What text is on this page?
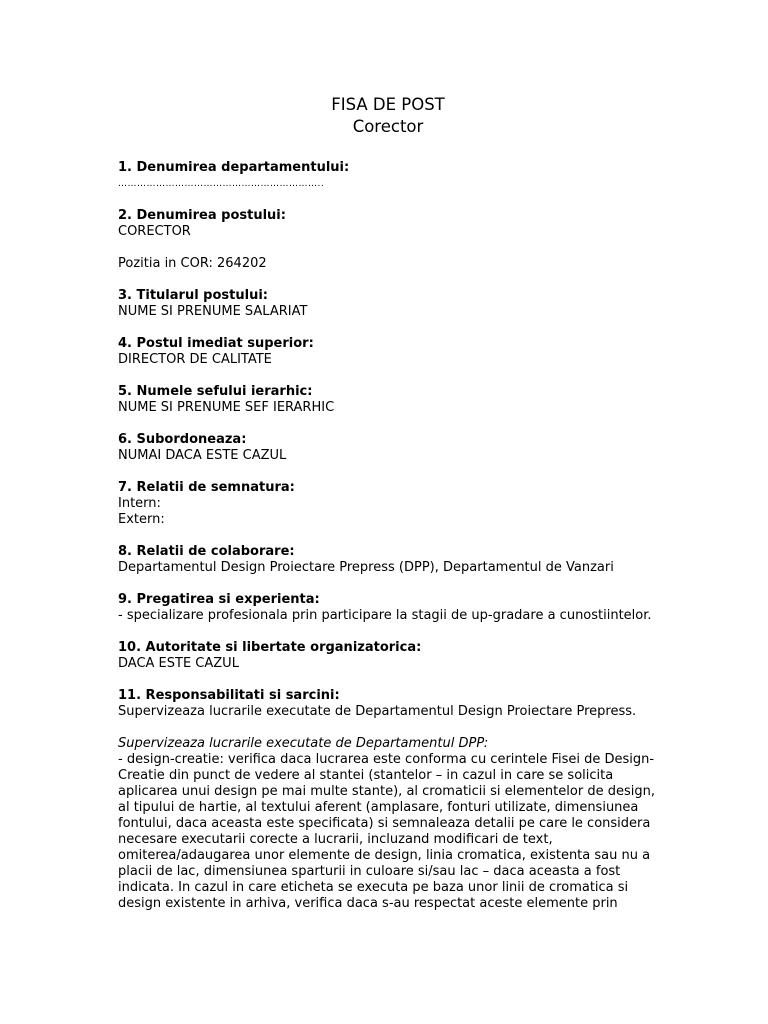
FISA DE POST
Corector
1. Denumirea departamentului:
………………………………………………………..
2. Denumirea postului:
CORECTOR
Pozitia in COR: 264202
3. Titularul postului:
NUME SI PRENUME SALARIAT
4. Postul imediat superior:
DIRECTOR DE CALITATE
5. Numele sefului ierarhic:
NUME SI PRENUME SEF IERARHIC
6. Subordoneaza:
NUMAI DACA ESTE CAZUL
7. Relatii de semnatura:
Intern:
Extern:
8. Relatii de colaborare:
Departamentul Design Proiectare Prepress (DPP), Departamentul de Vanzari
9. Pregatirea si experienta:
- specializare profesionala prin participare la stagii de up-gradare a cunostiintelor.
10. Autoritate si libertate organizatorica:
DACA ESTE CAZUL
11. Responsabilitati si sarcini:
Supervizeaza lucrarile executate de Departamentul Design Proiectare Prepress.
Supervizeaza lucrarile executate de Departamentul DPP:
- design-creatie: verifica daca lucrarea este conforma cu cerintele Fisei de Design-
Creatie din punct de vedere al stantei (stantelor – in cazul in care se solicita
aplicarea unui design pe mai multe stante), al cromaticii si elementelor de design,
al tipului de hartie, al textului aferent (amplasare, fonturi utilizate, dimensiunea
fontului, daca aceasta este specificata) si semnaleaza detalii pe care le considera
necesare executarii corecte a lucrarii, incluzand modificari de text,
omiterea/adaugarea unor elemente de design, linia cromatica, existenta sau nu a
placii de lac, dimensiunea sparturii in culoare si/sau lac – daca aceasta a fost
indicata. In cazul in care eticheta se executa pe baza unor linii de cromatica si
design existente in arhiva, verifica daca s-au respectat aceste elemente prin
